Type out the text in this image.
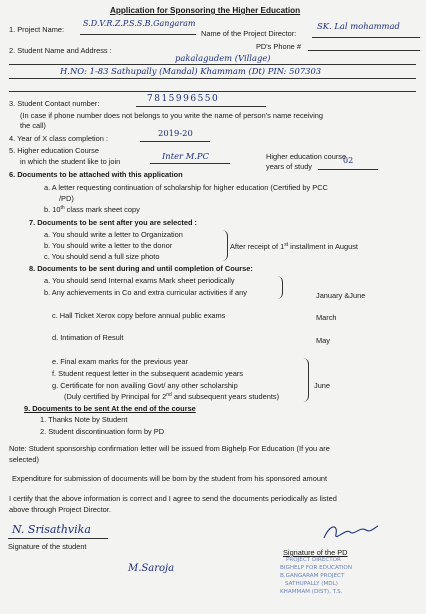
Application for Sponsoring the Higher Education
1. Project Name:
S.D.V.R.Z.P.S.S.B.Gangaram
Name of the Project Director:
SK. Lal mohammad
PD's Phone #
2. Student Name and Address :
pakalagudem (Village)
H.NO: 1-83 Sathupally (Mandal) Khammam (Dt) PIN: 507303
3. Student Contact number:	7815996550
(In case if phone number does not belongs to you write the name of person's name receiving
the call)
4. Year of X class completion :
2019-20
5. Higher education Course
in which the student like to join
Inter M.PC	Higher education course
years of study
02
6. Documents to be attached with this application
a. A letter requesting continuation of scholarship for higher education (Certified by PCC
/PD)
b. 10th class mark sheet copy
7. Documents to be sent after you are selected :
a. You should write a letter to Organization
b. You should write a letter to the donor
c. You should send a full size photo
After receipt of 1st installment in August
8. Documents to be sent during and until completion of Course:
a. You should send Internal exams Mark sheet periodically
b. Any achievements in Co and extra curricular activities if any	January &June
c. Hall Ticket Xerox copy before annual public exams	March
d. Intimation of Result	May
e. Final exam marks for the previous year
f. Student request letter in the subsequent academic years
g. Certificate for non availing Govt/ any other scholarship
(Duly certified by Principal for 2nd and subsequent years students)
June
9. Documents to be sent At the end of the course
1. Thanks Note by Student
2. Student discontinuation form by PD
Note: Student sponsorship confirmation letter will be issued from Bighelp For Education (If you are
selected)
Expenditure for submission of documents will be born by the student from his sponsored amount
I certify that the above information is correct and I agree to send the documents periodically as listed
above through Project Director.
N. Srisathvika
Signature of the student
M.Saroja
Signature of the PD
PROJECT DIRECTOR
BIGHELP FOR EDUCATION
B.GANGARAM PROJECT
SATHUPALLY (MDL)
KHAMMAM (DIST), T.S.
